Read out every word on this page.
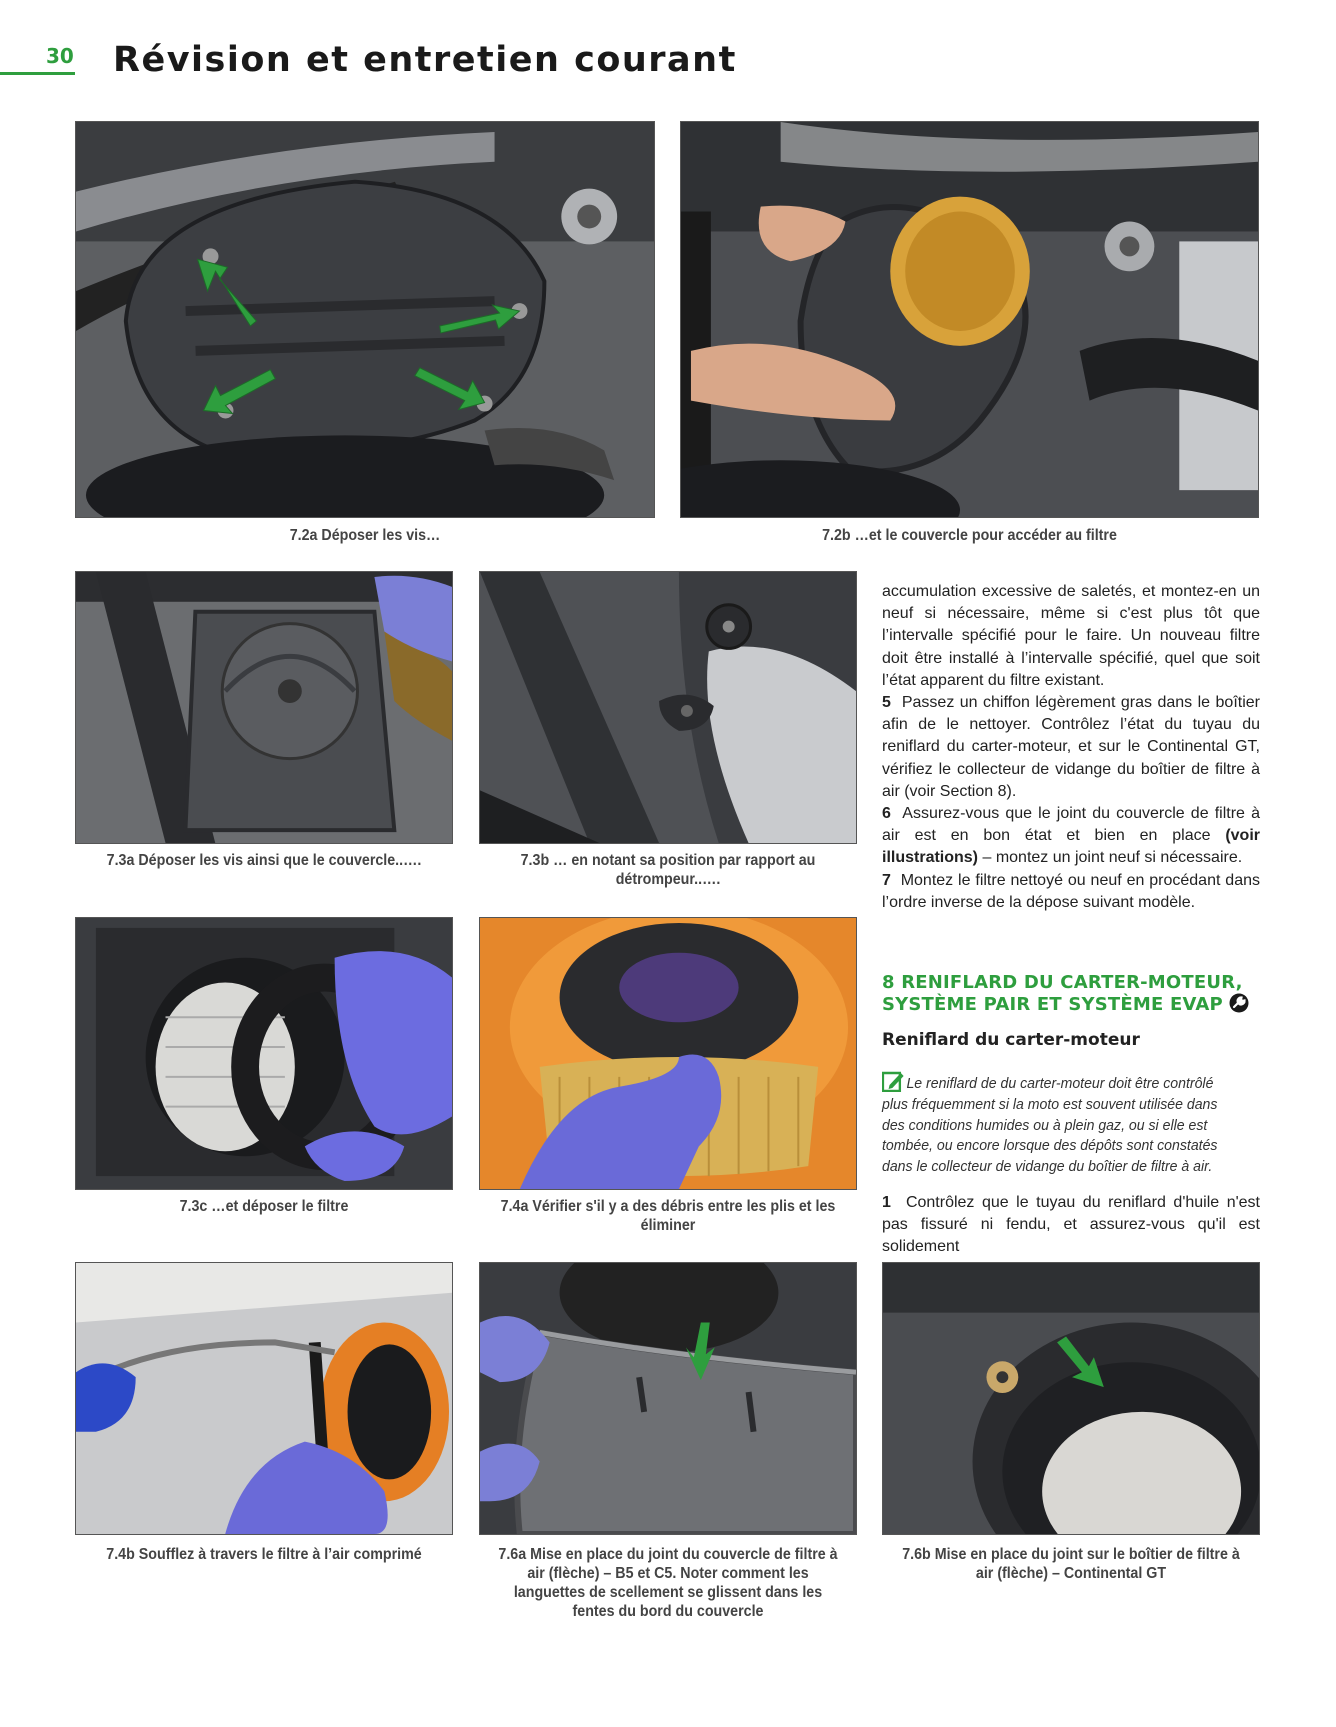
30 Révision et entretien courant
7.2a Déposer les vis…	7.2b …et le couvercle pour accéder au filtre
7.3a Déposer les vis ainsi que le couvercle..….	7.3b … en notant sa position par rapport au détrompeur..….
7.3c …et déposer le filtre	7.4a Vérifier s'il y a des débris entre les plis et les éliminer
7.4b Soufflez à travers le filtre à l’air comprimé	7.6a Mise en place du joint du couvercle de filtre à air (flèche) – B5 et C5. Noter comment les languettes de scellement se glissent dans les fentes du bord du couvercle
7.6b Mise en place du joint sur le boîtier de filtre à air (flèche) – Continental GT

accumulation excessive de saletés, et montez-en un neuf si nécessaire, même si c'est plus tôt que l’intervalle spécifié pour le faire. Un nouveau filtre doit être installé à l’intervalle spécifié, quel que soit l’état apparent du filtre existant.

5 Passez un chiffon légèrement gras dans le boîtier afin de le nettoyer. Contrôlez l’état du tuyau du reniflard du carter-moteur, et sur le Continental GT, vérifiez le collecteur de vidange du boîtier de filtre à air (voir Section 8).

6 Assurez-vous que le joint du couvercle de filtre à air est en bon état et bien en place (voir illustrations) – montez un joint neuf si nécessaire.

7 Montez le filtre nettoyé ou neuf en procédant dans l’ordre inverse de la dépose suivant modèle.

8 RENIFLARD DU CARTER-MOTEUR,
SYSTÈME PAIR ET SYSTÈME EVAP
Reniflard du carter-moteur
Le reniflard de du carter-moteur doit être contrôlé plus fréquemment si la moto est souvent utilisée dans des conditions humides ou à plein gaz, ou si elle est tombée, ou encore lorsque des dépôts sont constatés dans le collecteur de vidange du boîtier de filtre à air.

1 Contrôlez que le tuyau du reniflard d'huile n'est pas fissuré ni fendu, et assurez-vous qu'il est solidement
